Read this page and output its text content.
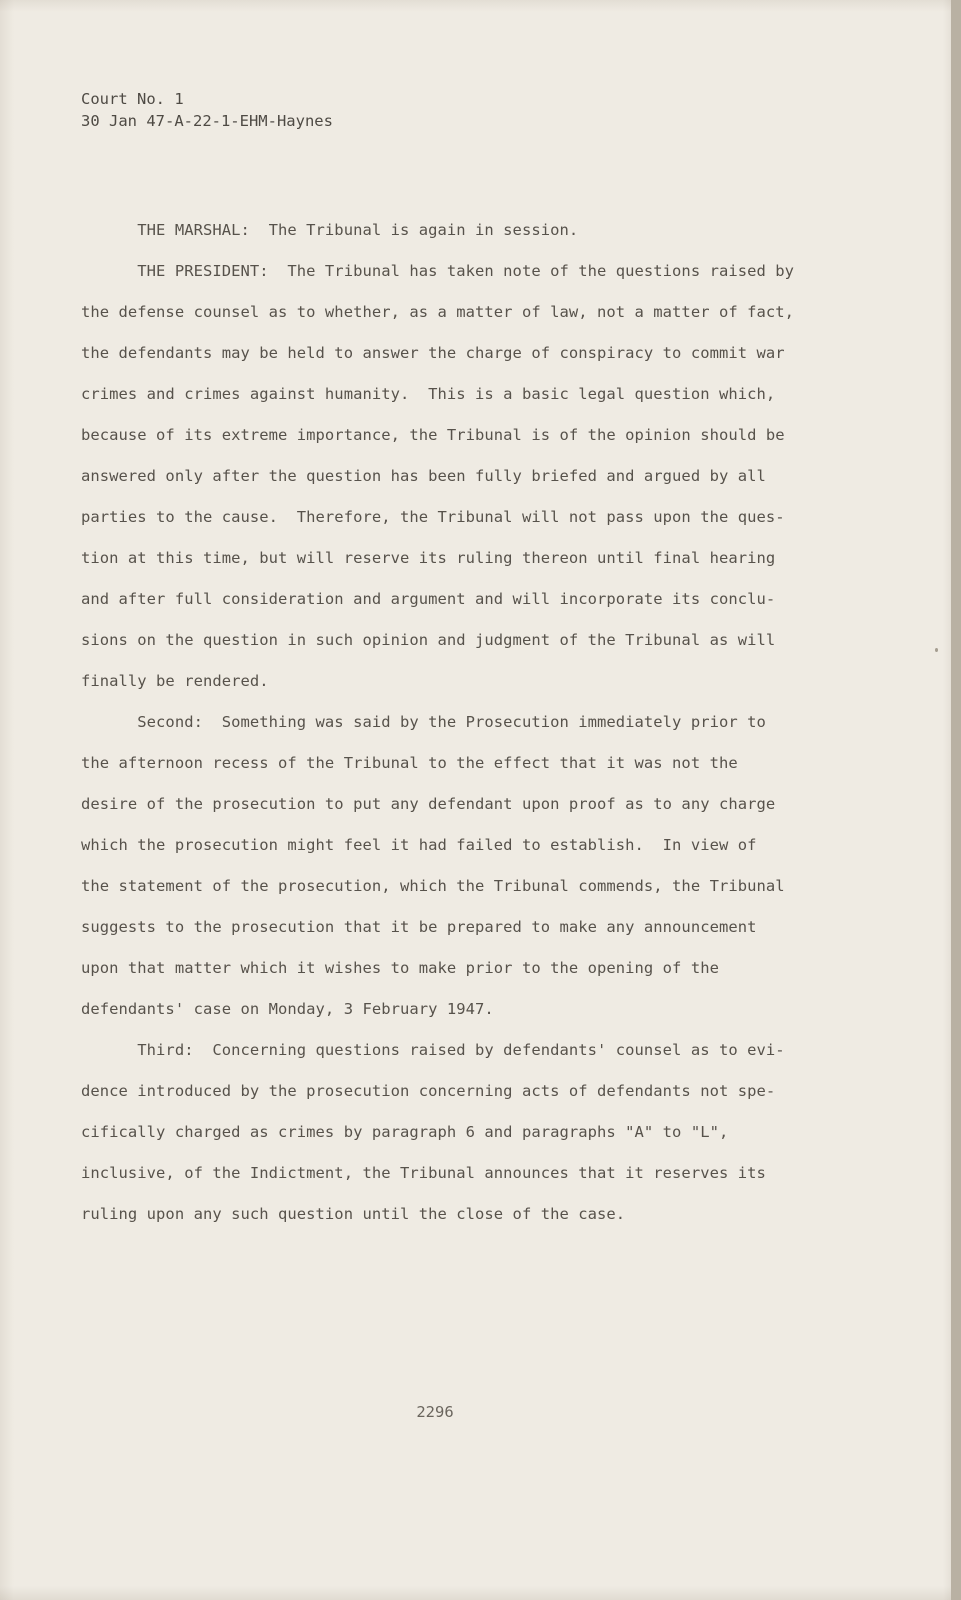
Court No. 1
30 Jan 47-A-22-1-EHM-Haynes
THE MARSHAL:  The Tribunal is again in session.
THE PRESIDENT:  The Tribunal has taken note of the questions raised by
the defense counsel as to whether, as a matter of law, not a matter of fact,
the defendants may be held to answer the charge of conspiracy to commit war
crimes and crimes against humanity.  This is a basic legal question which,
because of its extreme importance, the Tribunal is of the opinion should be
answered only after the question has been fully briefed and argued by all
parties to the cause.  Therefore, the Tribunal will not pass upon the ques-
tion at this time, but will reserve its ruling thereon until final hearing
and after full consideration and argument and will incorporate its conclu-
sions on the question in such opinion and judgment of the Tribunal as will
finally be rendered.
Second:  Something was said by the Prosecution immediately prior to
the afternoon recess of the Tribunal to the effect that it was not the
desire of the prosecution to put any defendant upon proof as to any charge
which the prosecution might feel it had failed to establish.  In view of
the statement of the prosecution, which the Tribunal commends, the Tribunal
suggests to the prosecution that it be prepared to make any announcement
upon that matter which it wishes to make prior to the opening of the
defendants' case on Monday, 3 February 1947.
Third:  Concerning questions raised by defendants' counsel as to evi-
dence introduced by the prosecution concerning acts of defendants not spe-
cifically charged as crimes by paragraph 6 and paragraphs "A" to "L",
inclusive, of the Indictment, the Tribunal announces that it reserves its
ruling upon any such question until the close of the case.
2296
